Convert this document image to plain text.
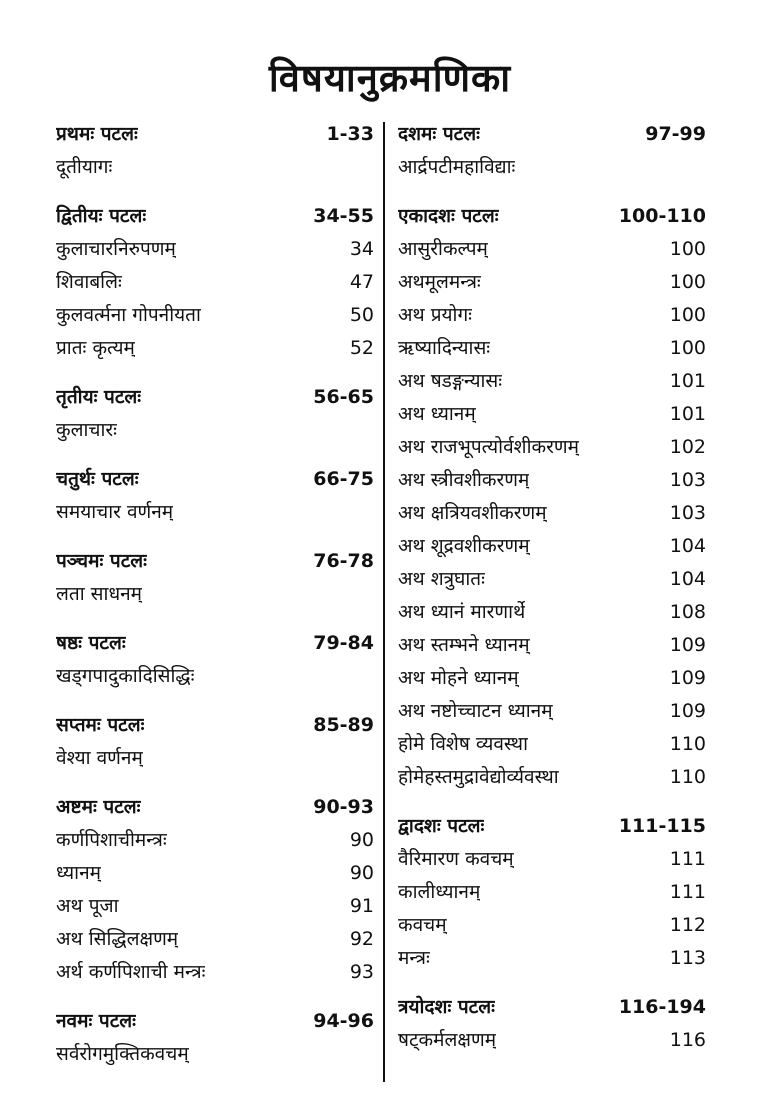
विषयानुक्रमणिका
प्रथमः पटलः	1-33
दूतीयागः
द्वितीयः पटलः	34-55
कुलाचारनिरुपणम्	34
शिवाबलिः	47
कुलवर्त्मना गोपनीयता	50
प्रातः कृत्यम्	52
तृतीयः पटलः	56-65
कुलाचारः
चतुर्थः पटलः	66-75
समयाचार वर्णनम्
पञ्चमः पटलः	76-78
लता साधनम्
षष्ठः पटलः	79-84
खड्गपादुकादिसिद्धिः
सप्तमः पटलः	85-89
वेश्या वर्णनम्
अष्टमः पटलः	90-93
कर्णपिशाचीमन्त्रः	90
ध्यानम्	90
अथ पूजा	91
अथ सिद्धिलक्षणम्	92
अर्थ कर्णपिशाची मन्त्रः	93
नवमः पटलः	94-96
सर्वरोगमुक्तिकवचम्
दशमः पटलः	97-99
आर्द्रपटीमहाविद्याः
एकादशः पटलः	100-110
आसुरीकल्पम्	100
अथमूलमन्त्रः	100
अथ प्रयोगः	100
ऋष्यादिन्यासः	100
अथ षडङ्गन्यासः	101
अथ ध्यानम्	101
अथ राजभूपत्योर्वशीकरणम्	102
अथ स्त्रीवशीकरणम्	103
अथ क्षत्रियवशीकरणम्	103
अथ शूद्रवशीकरणम्	104
अथ शत्रुघातः	104
अथ ध्यानं मारणार्थे	108
अथ स्तम्भने ध्यानम्	109
अथ मोहने ध्यानम्	109
अथ नष्टोच्चाटन ध्यानम्	109
होमे विशेष व्यवस्था	110
होमेहस्तमुद्रावेद्योर्व्यवस्था	110
द्वादशः पटलः	111-115
वैरिमारण कवचम्	111
कालीध्यानम्	111
कवचम्	112
मन्त्रः	113
त्रयोदशः पटलः	116-194
षट्कर्मलक्षणम्	116
